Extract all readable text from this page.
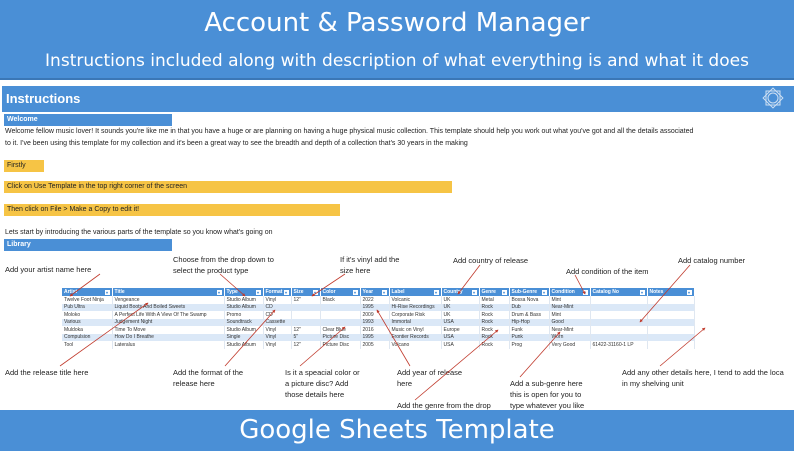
Account & Password Manager
Instructions included along with description of what everything is and what it does
Instructions
Welcome
Welcome fellow music lover! It sounds you're like me in that you have a huge or are planning on having a huge physical music collection. This template should help you work out what you've got and all the details associated
to it. I've been using this template for my collection and it's been a great way to see the breadth and depth of a collection that's 30 years in the making
Firstly
Click on Use Template in the top right corner of the screen
Then click on File > Make a Copy to edit it!
Lets start by introducing the various parts of the template so you know what's going on
Library
Add your artist name here
Choose from the drop down to
select the product type
If it's vinyl add the
size here
Add country of release
Add condition of the item
Add catalog number
Artist ▾	Title ▾	Type ▾	Format ▾	Size ▾	Color ▾	Year ▾	Label ▾	Country ▾	Genre ▾	Sub-Genre ▾	Condition ▾	Catalog No ▾	Notes ▾

Twelve Foot Ninja	Vengeance	Studio Album	Vinyl	12"	Black	2022	Volcanic	UK	Metal	Bossa Nova	Mint		
Pub Ultra	Liquid Boots And Boiled Sweets	Studio Album	CD			1995	Hi-Rise Recordings	UK	Rock	Dub	Near-Mint		
Moloko	A Perfect Life With A View Of The Swamp	Promo	CD			2009	Corporate Risk	UK	Rock	Drum & Bass	Mint		
Various	Judgement Night	Soundtrack	Cassette			1993	Immortal	USA	Rock	Hip-Hop	Good		
Muldoka	Time To Move	Studio Album	Vinyl	12"	Clear Blue	2016	Music on Vinyl	Europe	Rock	Funk	Near-Mint		
Compulsion	How Do I Breathe	Single	Vinyl	5"	Picture Disc	1995	Frontier Records	USA	Rock	Punk	Worn		
Tool	Lateralus	Studio Album	Vinyl	12"	Picture Disc	2005	Volcano	USA	Rock	Prog	Very Good	61422-31160-1 LP	
Add the release title here	Add the format of the
release here
Is it a speacial color or
a picture disc? Add
those details here
Add year of release
here
Add the genre from the drop
Add a sub-genre here
this is open for you to
type whatever you like
Add any other details here, I tend to add the loca
in my shelving unit
Google Sheets Template
